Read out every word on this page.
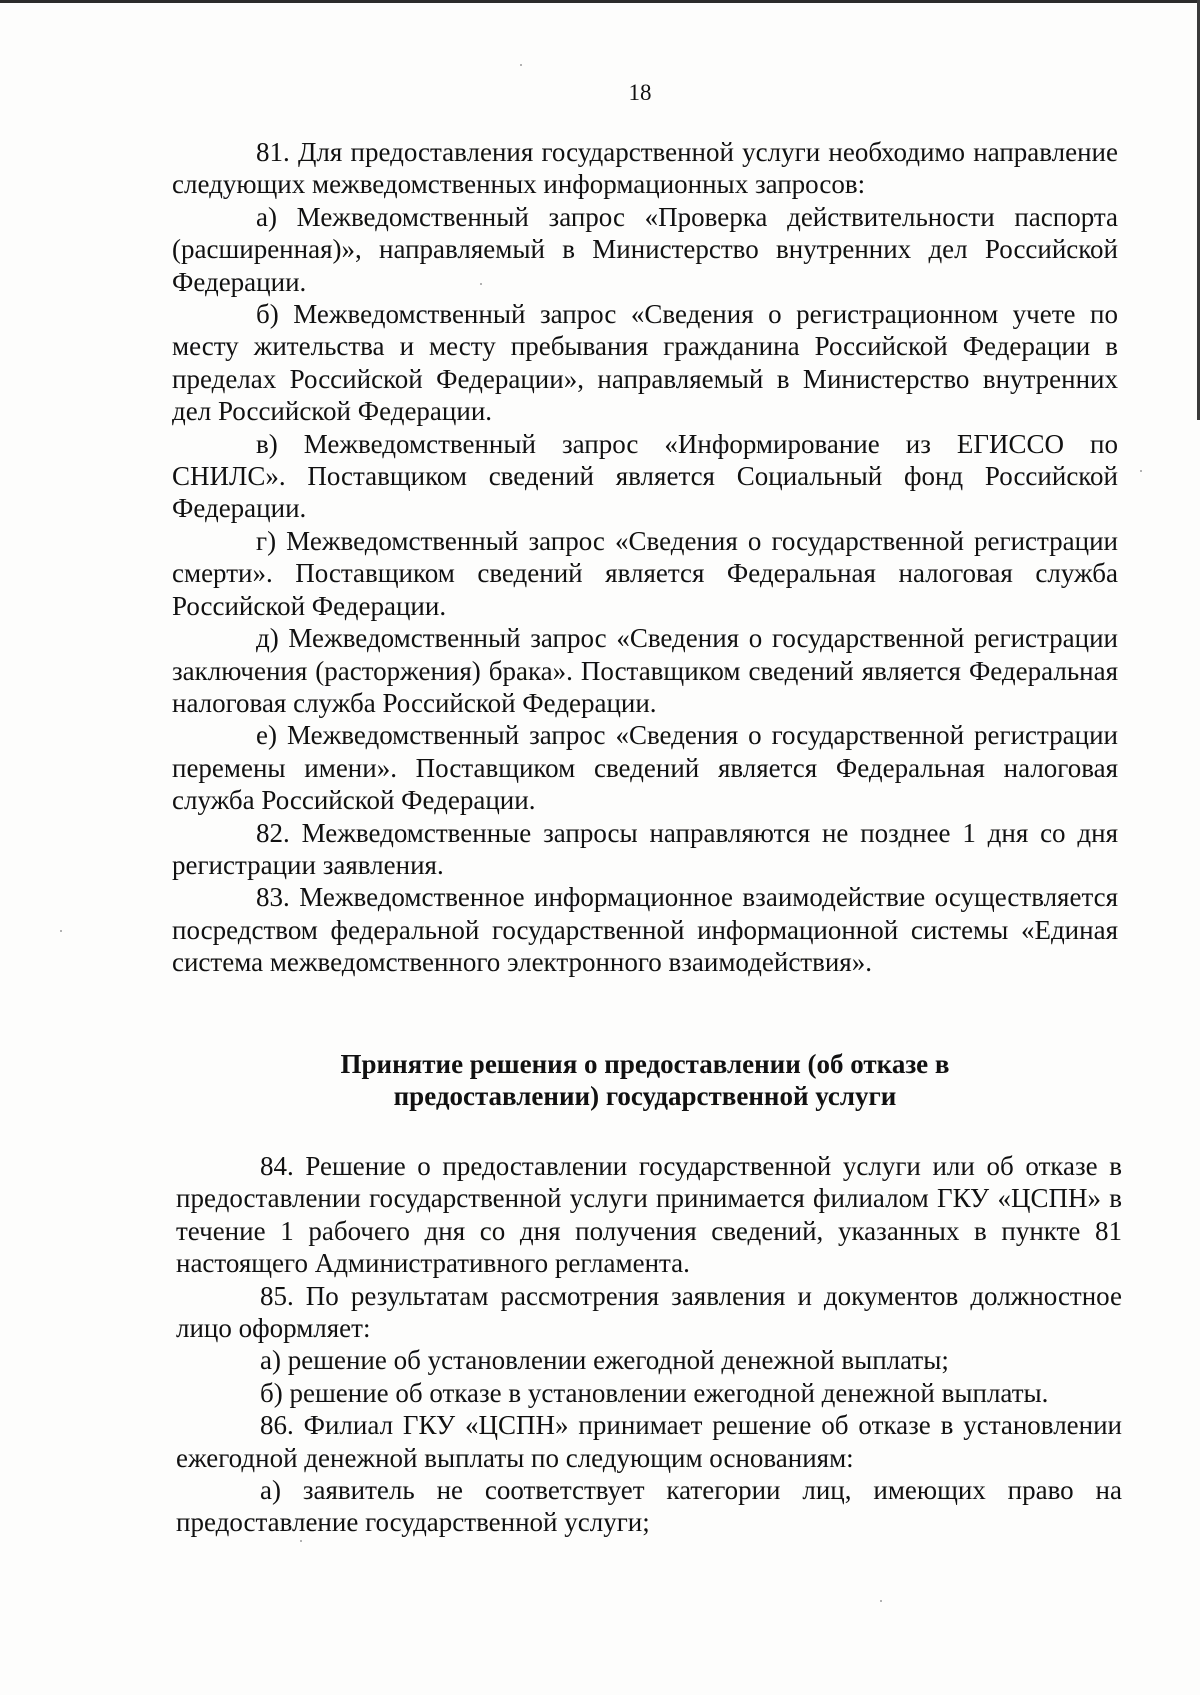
18

81. Для предоставления государственной услуги необходимо направление следующих межведомственных информационных запросов:

а) Межведомственный запрос «Проверка действительности паспорта (расширенная)», направляемый в Министерство внутренних дел Российской Федерации.

б) Межведомственный запрос «Сведения о регистрационном учете по месту жительства и месту пребывания гражданина Российской Федерации в пределах Российской Федерации», направляемый в Министерство внутренних дел Российской Федерации.

в) Межведомственный запрос «Информирование из ЕГИССО по СНИЛС». Поставщиком сведений является Социальный фонд Российской Федерации.

г) Межведомственный запрос «Сведения о государственной регистрации смерти». Поставщиком сведений является Федеральная налоговая служба Российской Федерации.

д) Межведомственный запрос «Сведения о государственной регистрации заключения (расторжения) брака». Поставщиком сведений является Федеральная налоговая служба Российской Федерации.

е) Межведомственный запрос «Сведения о государственной регистрации перемены имени». Поставщиком сведений является Федеральная налоговая служба Российской Федерации.

82. Межведомственные запросы направляются не позднее 1 дня со дня регистрации заявления.

83. Межведомственное информационное взаимодействие осуществляется посредством федеральной государственной информационной системы «Единая система межведомственного электронного взаимодействия».

Принятие решения о предоставлении (об отказе в
предоставлении) государственной услуги

84. Решение о предоставлении государственной услуги или об отказе в предоставлении государственной услуги принимается филиалом ГКУ «ЦСПН» в течение 1 рабочего дня со дня получения сведений, указанных в пункте 81 настоящего Административного регламента.

85. По результатам рассмотрения заявления и документов должностное лицо оформляет:

а) решение об установлении ежегодной денежной выплаты;

б) решение об отказе в установлении ежегодной денежной выплаты.

86. Филиал ГКУ «ЦСПН» принимает решение об отказе в установлении ежегодной денежной выплаты по следующим основаниям:

а) заявитель не соответствует категории лиц, имеющих право на предоставление государственной услуги;
